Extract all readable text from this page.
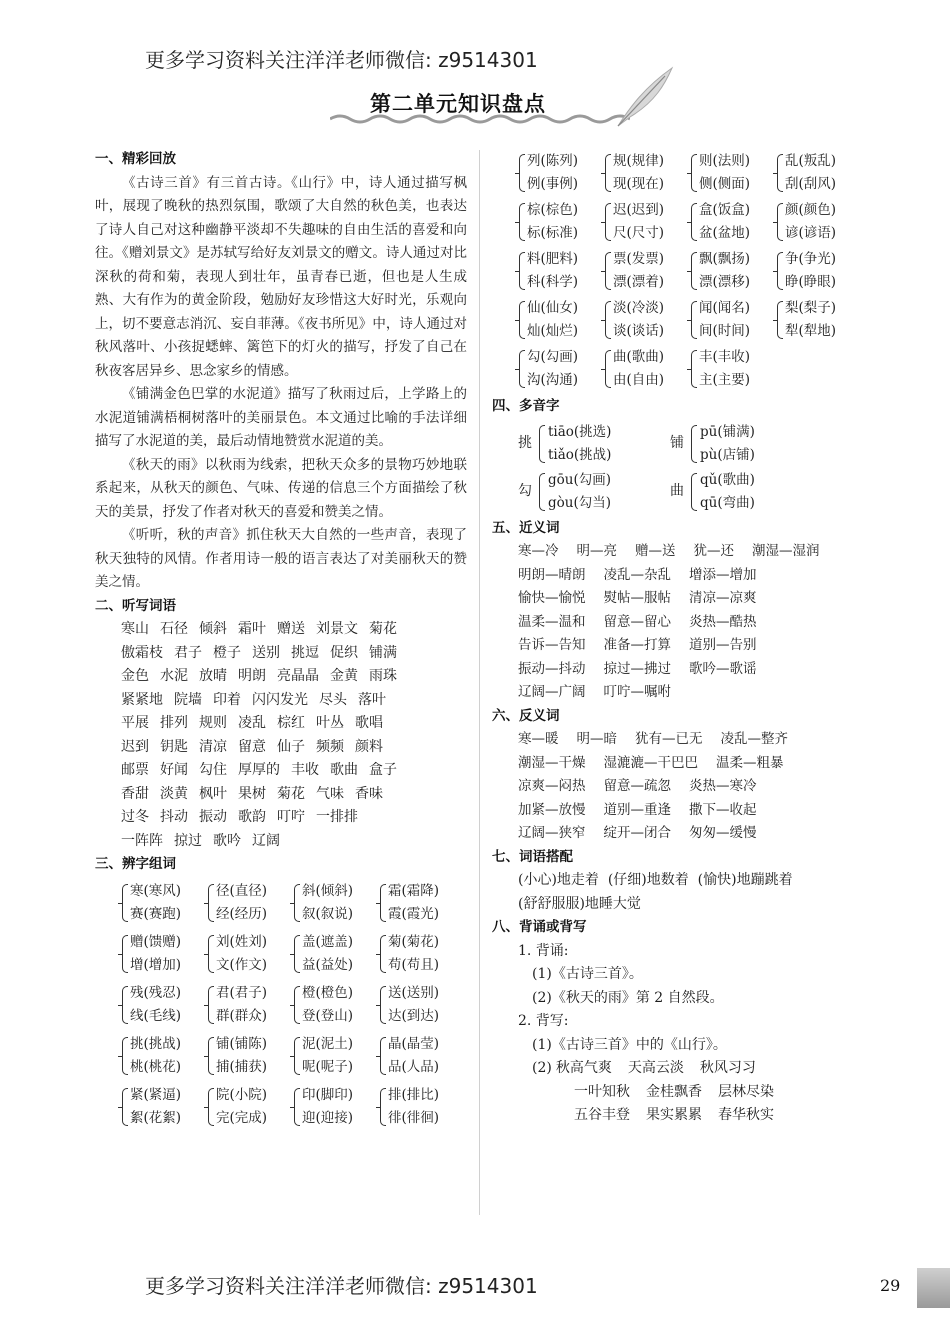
更多学习资料关注洋洋老师微信: z9514301
第二单元知识盘点
一、精彩回放

《古诗三首》有三首古诗。《山行》中，诗人通过描写枫叶，展现了晚秋的热烈氛围，歌颂了大自然的秋色美，也表达了诗人自己对这种幽静平淡却不失趣味的自由生活的喜爱和向往。《赠刘景文》是苏轼写给好友刘景文的赠文。诗人通过对比深秋的荷和菊，表现人到壮年，虽青春已逝，但也是人生成熟、大有作为的黄金阶段，勉励好友珍惜这大好时光，乐观向上，切不要意志消沉、妄自菲薄。《夜书所见》中，诗人通过对秋风落叶、小孩捉蟋蟀、篱笆下的灯火的描写，抒发了自己在秋夜客居异乡、思念家乡的情感。

《铺满金色巴掌的水泥道》描写了秋雨过后，上学路上的水泥道铺满梧桐树落叶的美丽景色。本文通过比喻的手法详细描写了水泥道的美，最后动情地赞赏水泥道的美。

《秋天的雨》以秋雨为线索，把秋天众多的景物巧妙地联系起来，从秋天的颜色、气味、传递的信息三个方面描绘了秋天的美景，抒发了作者对秋天的喜爱和赞美之情。

《听听，秋的声音》抓住秋天大自然的一些声音，表现了秋天独特的风情。作者用诗一般的语言表达了对美丽秋天的赞美之情。

二、听写词语
寒山 石径 倾斜 霜叶 赠送 刘景文 菊花
傲霜枝 君子 橙子 送别 挑逗 促织 铺满
金色 水泥 放晴 明朗 亮晶晶 金黄 雨珠
紧紧地 院墙 印着 闪闪发光 尽头 落叶
平展 排列 规则 凌乱 棕红 叶丛 歌唱
迟到 钥匙 清凉 留意 仙子 频频 颜料
邮票 好闻 勾住 厚厚的 丰收 歌曲 盒子
香甜 淡黄 枫叶 果树 菊花 气味 香味
过冬 抖动 振动 歌韵 叮咛 一排排
一阵阵 掠过 歌吟 辽阔
三、辨字组词
寒(寒风)
赛(赛跑)
径(直径)
经(经历)
斜(倾斜)
叙(叙说)
霜(霜降)
霞(霞光)
赠(馈赠)
增(增加)
刘(姓刘)
文(作文)
盖(遮盖)
益(益处)
菊(菊花)
苟(苟且)
残(残忍)
线(毛线)
君(君子)
群(群众)
橙(橙色)
登(登山)
送(送别)
达(到达)
挑(挑战)
桃(桃花)
铺(铺陈)
捕(捕获)
泥(泥土)
呢(呢子)
晶(晶莹)
品(人品)
紧(紧逼)
絮(花絮)
院(小院)
完(完成)
印(脚印)
迎(迎接)
排(排比)
徘(徘徊)
列(陈列)
例(事例)
规(规律)
现(现在)
则(法则)
侧(侧面)
乱(叛乱)
刮(刮风)
棕(棕色)
标(标准)
迟(迟到)
尺(尺寸)
盒(饭盒)
盆(盆地)
颜(颜色)
谚(谚语)
料(肥料)
科(科学)
票(发票)
漂(漂着)
飘(飘扬)
漂(漂移)
争(争光)
睁(睁眼)
仙(仙女)
灿(灿烂)
淡(冷淡)
谈(谈话)
闻(闻名)
间(时间)
梨(梨子)
犁(犁地)
勾(勾画)
沟(沟通)
曲(歌曲)
由(自由)
丰(丰收)
主(主要)
四、多音字
挑
tiāo(挑选)
tiǎo(挑战)
铺
pū(铺满)
pù(店铺)
勾
gōu(勾画)
gòu(勾当)
曲
qǔ(歌曲)
qū(弯曲)
五、近义词
寒—冷 明—亮 赠—送 犹—还 潮湿—湿润
明朗—晴朗 凌乱—杂乱 增添—增加
愉快—愉悦 熨帖—服帖 清凉—凉爽
温柔—温和 留意—留心 炎热—酷热
告诉—告知 准备—打算 道别—告别
振动—抖动 掠过—拂过 歌吟—歌谣
辽阔—广阔 叮咛—嘱咐
六、反义词
寒—暖 明—暗 犹有—已无 凌乱—整齐
潮湿—干燥 湿漉漉—干巴巴 温柔—粗暴
凉爽—闷热 留意—疏忽 炎热—寒冷
加紧—放慢 道别—重逢 撒下—收起
辽阔—狭窄 绽开—闭合 匆匆—缓慢
七、词语搭配
(小心)地走着  (仔细)地数着  (愉快)地蹦跳着
(舒舒服服)地睡大觉
八、背诵或背写
1. 背诵:
(1)《古诗三首》。
(2)《秋天的雨》第 2 自然段。
2. 背写:
(1)《古诗三首》中的《山行》。
(2) 秋高气爽 天高云淡 秋风习习
一叶知秋 金桂飘香 层林尽染
五谷丰登 果实累累 春华秋实
更多学习资料关注洋洋老师微信: z9514301	29
